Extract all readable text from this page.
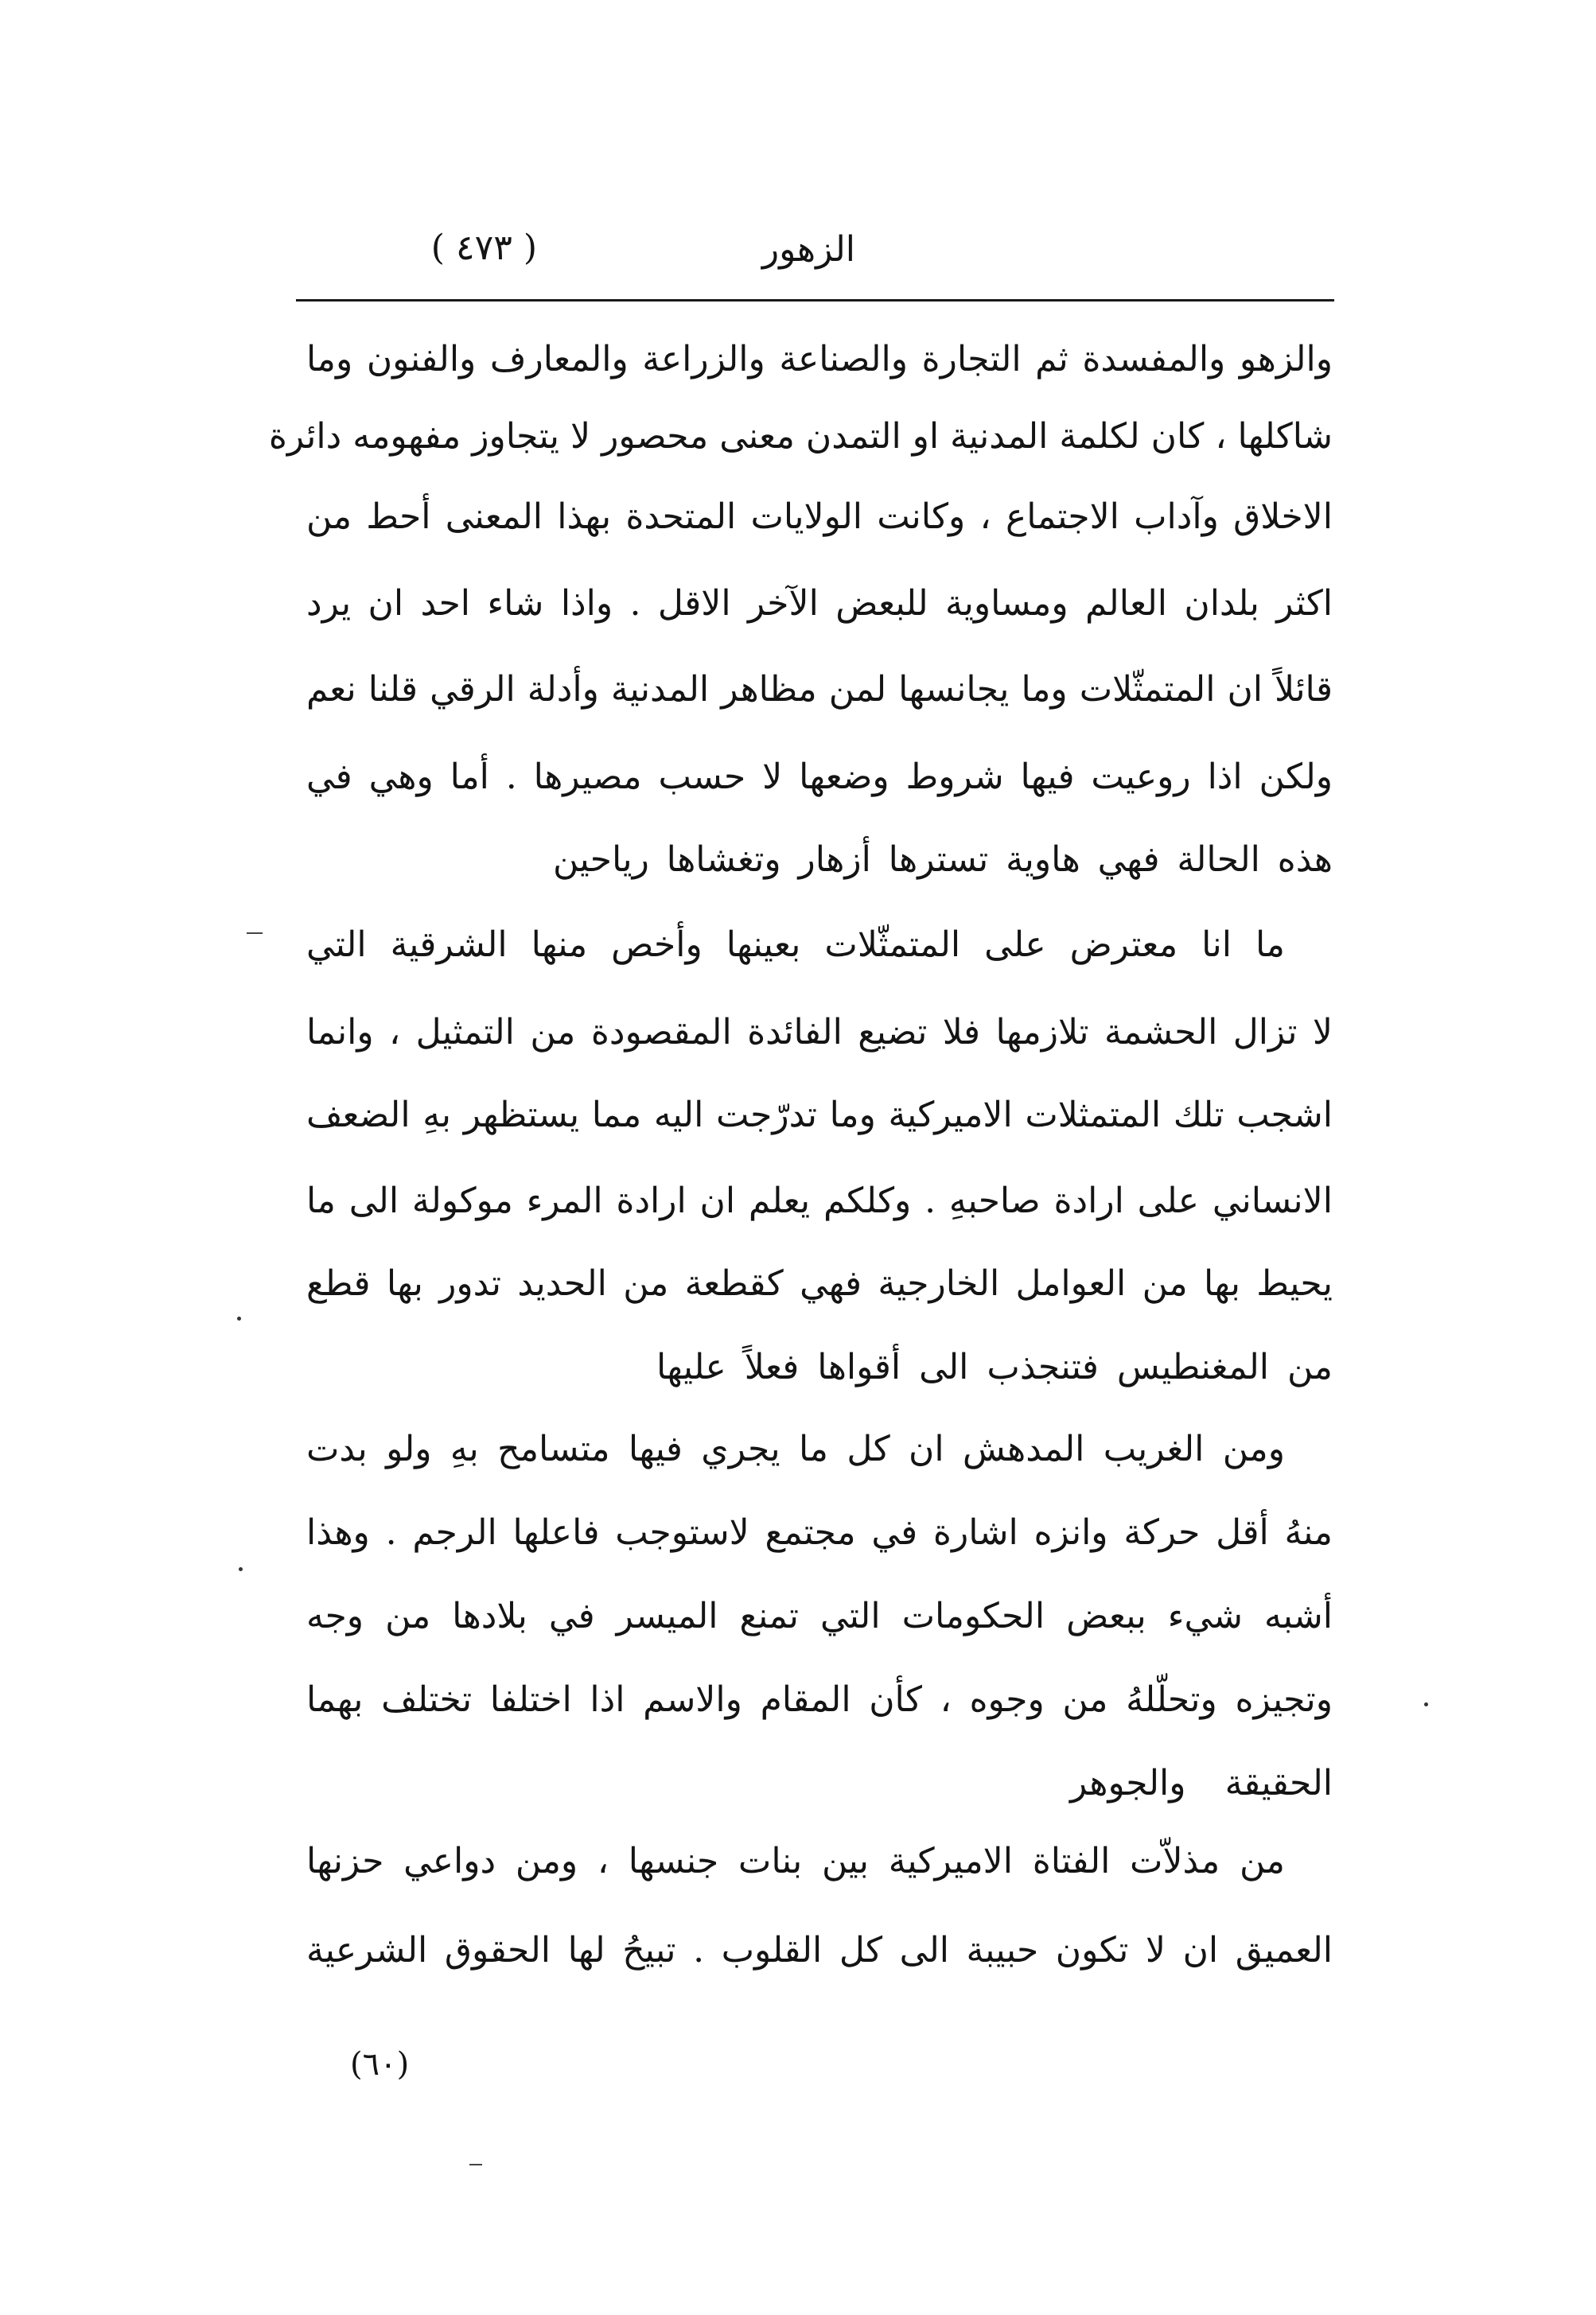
الزهور
( ٤٧٣ )
والزهو والمفسدة ثم التجارة والصناعة والزراعة والمعارف والفنون وما
شاكلها ، كان لكلمة المدنية او التمدن معنى محصور لا يتجاوز مفهومه دائرة
الاخلاق وآداب الاجتماع ، وكانت الولايات المتحدة بهذا المعنى أحط من
اكثر بلدان العالم ومساوية للبعض الآخر الاقل . واذا شاء احد ان يرد
قائلاً ان المتمثّلات وما يجانسها لمن مظاهر المدنية وأدلة الرقي قلنا نعم
ولكن اذا روعيت فيها شروط وضعها لا حسب مصيرها . أما وهي في
هذه الحالة فهي هاوية تسترها أزهار وتغشاها رياحين
ما انا معترض على المتمثّلات بعينها وأخص منها الشرقية التي
لا تزال الحشمة تلازمها فلا تضيع الفائدة المقصودة من التمثيل ، وانما
اشجب تلك المتمثلات الاميركية وما تدرّجت اليه مما يستظهر بهِ الضعف
الانساني على ارادة صاحبهِ . وكلكم يعلم ان ارادة المرء موكولة الى ما
يحيط بها من العوامل الخارجية فهي كقطعة من الحديد تدور بها قطع
من المغنطيس فتنجذب الى أقواها فعلاً عليها
ومن الغريب المدهش ان كل ما يجري فيها متسامح بهِ ولو بدت
منهُ أقل حركة وانزه اشارة في مجتمع لاستوجب فاعلها الرجم . وهذا
أشبه شيء ببعض الحكومات التي تمنع الميسر في بلادها من وجه
وتجيزه وتحلّلهُ من وجوه ، كأن المقام والاسم اذا اختلفا تختلف بهما
الحقيقة والجوهر
من مذلاّت الفتاة الاميركية بين بنات جنسها ، ومن دواعي حزنها
العميق ان لا تكون حبيبة الى كل القلوب . تبيحُ لها الحقوق الشرعية
(٦٠)
